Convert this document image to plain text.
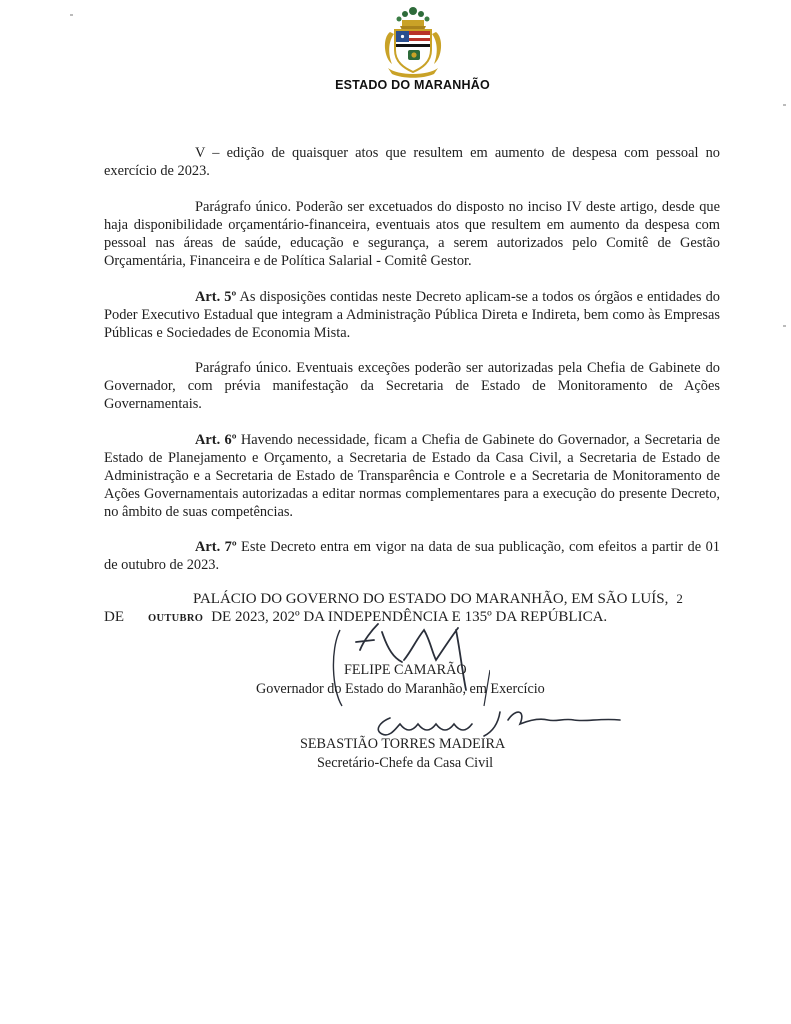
ESTADO DO MARANHÃO

V – edição de quaisquer atos que resultem em aumento de despesa com pessoal no exercício de 2023.

Parágrafo único. Poderão ser excetuados do disposto no inciso IV deste artigo, desde que haja disponibilidade orçamentário-financeira, eventuais atos que resultem em aumento da despesa com pessoal nas áreas de saúde, educação e segurança, a serem autorizados pelo Comitê de Gestão Orçamentária, Financeira e de Política Salarial - Comitê Gestor.

Art. 5º As disposições contidas neste Decreto aplicam-se a todos os órgãos e entidades do Poder Executivo Estadual que integram a Administração Pública Direta e Indireta, bem como às Empresas Públicas e Sociedades de Economia Mista.

Parágrafo único. Eventuais exceções poderão ser autorizadas pela Chefia de Gabinete do Governador, com prévia manifestação da Secretaria de Estado de Monitoramento de Ações Governamentais.

Art. 6º Havendo necessidade, ficam a Chefia de Gabinete do Governador, a Secretaria de Estado de Planejamento e Orçamento, a Secretaria de Estado da Casa Civil, a Secretaria de Estado de Administração e a Secretaria de Estado de Transparência e Controle e a Secretaria de Monitoramento de Ações Governamentais autorizadas a editar normas complementares para a execução do presente Decreto, no âmbito de suas competências.

Art. 7º Este Decreto entra em vigor na data de sua publicação, com efeitos a partir de 01 de outubro de 2023.

PALÁCIO DO GOVERNO DO ESTADO DO MARANHÃO, EM SÃO LUÍS, 2
DE OUTUBRO DE 2023, 202º DA INDEPENDÊNCIA E 135º DA REPÚBLICA.
FELIPE CAMARÃO
Governador do Estado do Maranhão, em Exercício
SEBASTIÃO TORRES MADEIRA
Secretário-Chefe da Casa Civil
